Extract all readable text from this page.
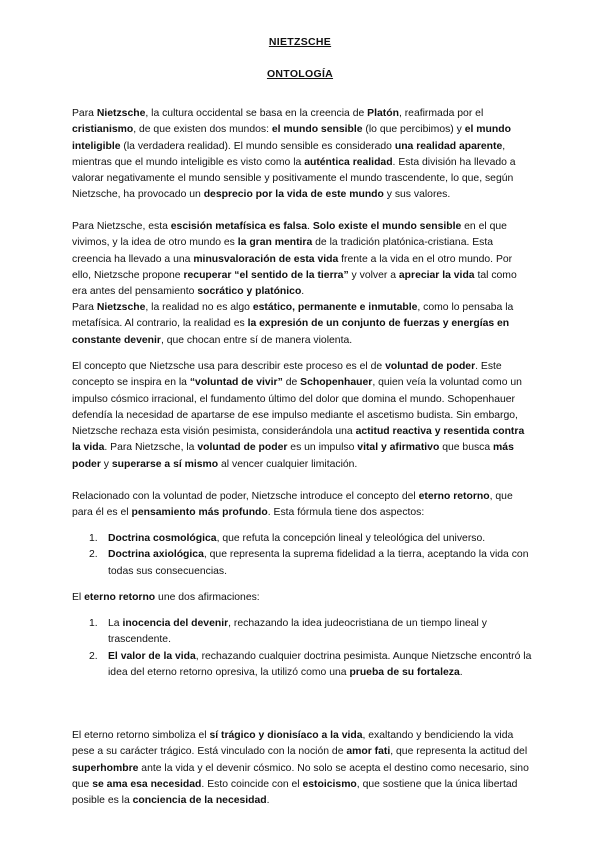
NIETZSCHE
ONTOLOGÍA

Para Nietzsche, la cultura occidental se basa en la creencia de Platón, reafirmada por el cristianismo, de que existen dos mundos: el mundo sensible (lo que percibimos) y el mundo inteligible (la verdadera realidad). El mundo sensible es considerado una realidad aparente, mientras que el mundo inteligible es visto como la auténtica realidad. Esta división ha llevado a valorar negativamente el mundo sensible y positivamente el mundo trascendente, lo que, según Nietzsche, ha provocado un desprecio por la vida de este mundo y sus valores.

Para Nietzsche, esta escisión metafísica es falsa. Solo existe el mundo sensible en el que vivimos, y la idea de otro mundo es la gran mentira de la tradición platónica-cristiana. Esta creencia ha llevado a una minusvaloración de esta vida frente a la vida en el otro mundo. Por ello, Nietzsche propone recuperar “el sentido de la tierra” y volver a apreciar la vida tal como era antes del pensamiento socrático y platónico.

Para Nietzsche, la realidad no es algo estático, permanente e inmutable, como lo pensaba la metafísica. Al contrario, la realidad es la expresión de un conjunto de fuerzas y energías en constante devenir, que chocan entre sí de manera violenta.

El concepto que Nietzsche usa para describir este proceso es el de voluntad de poder. Este concepto se inspira en la “voluntad de vivir” de Schopenhauer, quien veía la voluntad como un impulso cósmico irracional, el fundamento último del dolor que domina el mundo. Schopenhauer defendía la necesidad de apartarse de ese impulso mediante el ascetismo budista. Sin embargo, Nietzsche rechaza esta visión pesimista, considerándola una actitud reactiva y resentida contra la vida. Para Nietzsche, la voluntad de poder es un impulso vital y afirmativo que busca más poder y superarse a sí mismo al vencer cualquier limitación.

Relacionado con la voluntad de poder, Nietzsche introduce el concepto del eterno retorno, que para él es el pensamiento más profundo. Esta fórmula tiene dos aspectos:

1. Doctrina cosmológica, que refuta la concepción lineal y teleológica del universo.
2. Doctrina axiológica, que representa la suprema fidelidad a la tierra, aceptando la vida con todas sus consecuencias.

El eterno retorno une dos afirmaciones:

1. La inocencia del devenir, rechazando la idea judeocristiana de un tiempo lineal y trascendente.
2. El valor de la vida, rechazando cualquier doctrina pesimista. Aunque Nietzsche encontró la idea del eterno retorno opresiva, la utilizó como una prueba de su fortaleza.

El eterno retorno simboliza el sí trágico y dionisíaco a la vida, exaltando y bendiciendo la vida pese a su carácter trágico. Está vinculado con la noción de amor fati, que representa la actitud del superhombre ante la vida y el devenir cósmico. No solo se acepta el destino como necesario, sino que se ama esa necesidad. Esto coincide con el estoicismo, que sostiene que la única libertad posible es la conciencia de la necesidad.
